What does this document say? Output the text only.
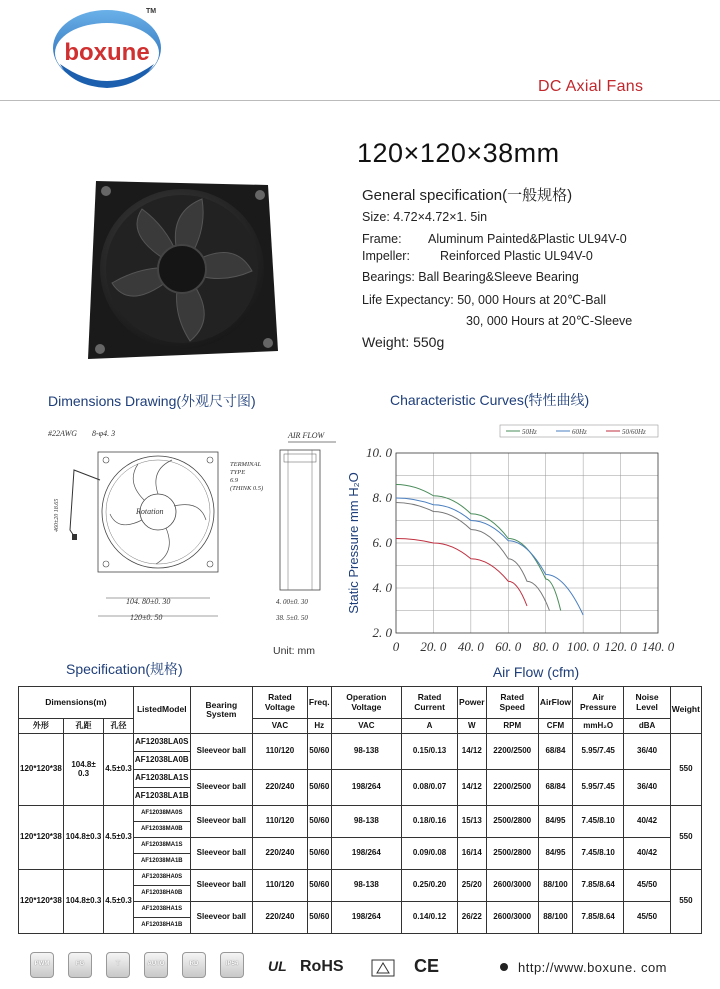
boxune
TM
DC Axial Fans
120×120×38mm
General specification(一般规格)
Size: 4.72×4.72×1. 5in
Frame: Aluminum Painted&Plastic UL94V-0
Impeller: Reinforced Plastic UL94V-0
Bearings: Ball Bearing&Sleeve Bearing
Life Expectancy: 50, 000 Hours at 20℃-Ball
30, 000 Hours at 20℃-Sleeve
Weight: 550g
Dimensions Drawing(外观尺寸图)	Characteristic Curves(特性曲线)
Specification(规格)
#22AWG 8-φ4. 3	AIR FLOW
Rotation
460±20 18.65
104. 80±0. 30
120±0. 50
TERMINAL
TYPE
6.9
(THINK 0.5)
4. 00±0. 30
38. 5±0. 50
Unit: mm	0 20. 0 40. 0 60. 0 80. 0 100. 0 120. 0 140. 0
2. 0
4. 0
6. 0
8. 0
10. 0
Air Flow (cfm)
Static Pressure mm H₂O
50Hz	60Hz	50/60Hz
Dimensions(m)			ListedModel	Bearing System	Rated Voltage	Freq.	Operation Voltage	Rated Current	Power	Rated Speed	AirFlow	Air Pressure	Noise Level	Weight
外形	孔距	孔径			VAC	Hz	VAC	A	W	RPM	CFM	mmH₂O	dBA	
120*120*38	104.8± 0.3	4.5±0.3	AF12038LA0S	Sleeveor ball	110/120	50/60	98-138	0.15/0.13	14/12	2200/2500	68/84	5.95/7.45	36/40	550
			AF12038LA0B											
			AF12038LA1S	Sleeveor ball	220/240	50/60	198/264	0.08/0.07	14/12	2200/2500	68/84	5.95/7.45	36/40	
			AF12038LA1B											
120*120*38	104.8±0.3	4.5±0.3	AF12038MA0S	Sleeveor ball	110/120	50/60	98-138	0.18/0.16	15/13	2500/2800	84/95	7.45/8.10	40/42	550
			AF12038MA0B											
			AF12038MA1S	Sleeveor ball	220/240	50/60	198/264	0.09/0.08	16/14	2500/2800	84/95	7.45/8.10	40/42	
			AF12038MA1B											
120*120*38	104.8±0.3	4.5±0.3	AF12038HA0S	Sleeveor ball	110/120	50/60	98-138	0.25/0.20	25/20	2600/3000	88/100	7.85/8.64	45/50	550
			AF12038HA0B											
			AF12038HA1S	Sleeveor ball	220/240	50/60	198/264	0.14/0.12	26/22	2600/3000	88/100	7.85/8.64	45/50	
			AF12038HA1B											
PWM	FG	T	AUTO	RD	IP54	UL RoHS	CE	http://www.boxune. com
